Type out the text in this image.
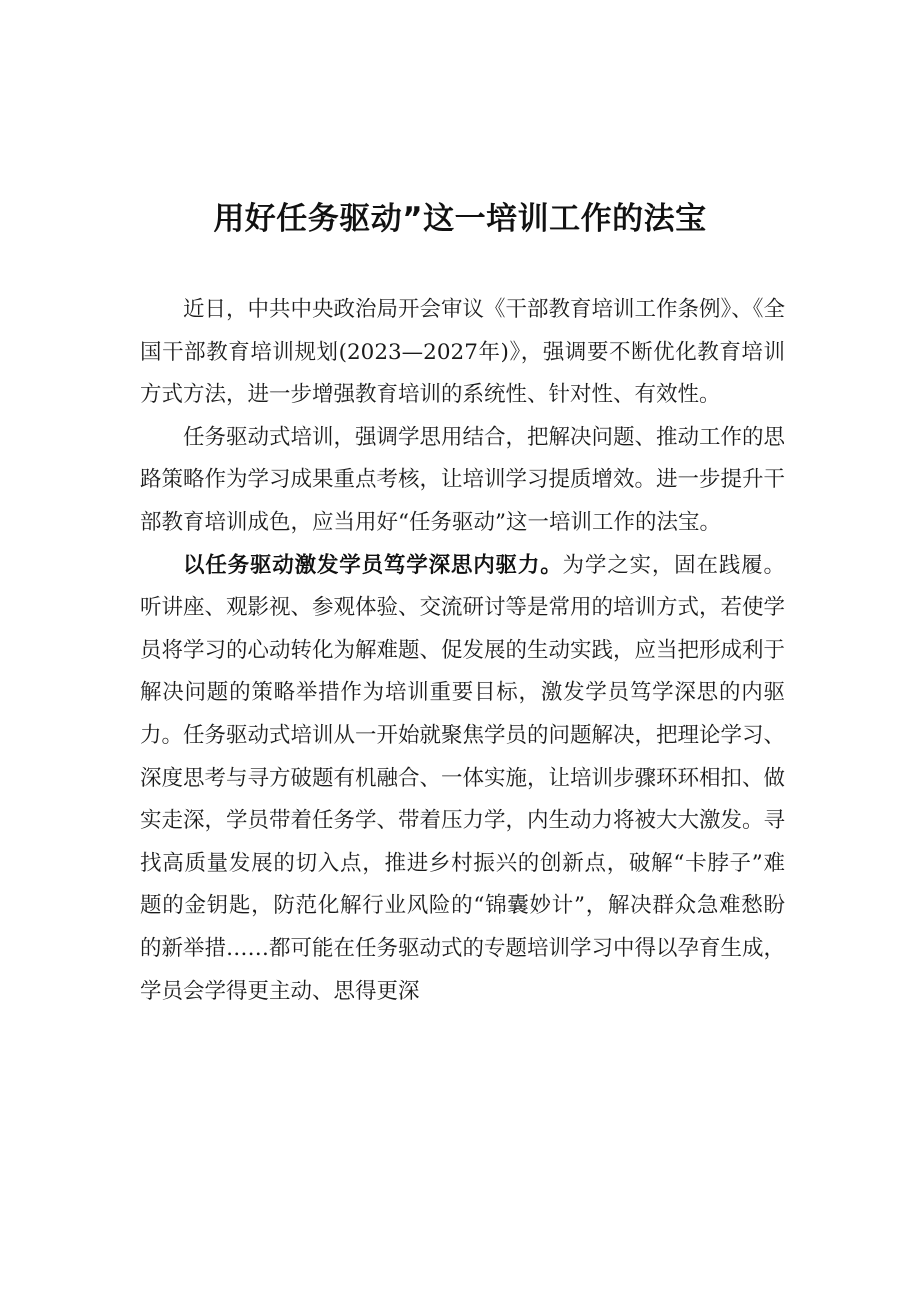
用好任务驱动”这一培训工作的法宝

近日，中共中央政治局开会审议《干部教育培训工作条例》、《全国干部教育培训规划(2023—2027年)》，强调要不断优化教育培训方式方法，进一步增强教育培训的系统性、针对性、有效性。

任务驱动式培训，强调学思用结合，把解决问题、推动工作的思路策略作为学习成果重点考核，让培训学习提质增效。进一步提升干部教育培训成色，应当用好“任务驱动”这一培训工作的法宝。

以任务驱动激发学员笃学深思内驱力。为学之实，固在践履。听讲座、观影视、参观体验、交流研讨等是常用的培训方式，若使学员将学习的心动转化为解难题、促发展的生动实践，应当把形成利于解决问题的策略举措作为培训重要目标，激发学员笃学深思的内驱力。任务驱动式培训从一开始就聚焦学员的问题解决，把理论学习、深度思考与寻方破题有机融合、一体实施，让培训步骤环环相扣、做实走深，学员带着任务学、带着压力学，内生动力将被大大激发。寻找高质量发展的切入点，推进乡村振兴的创新点，破解“卡脖子”难题的金钥匙，防范化解行业风险的“锦囊妙计”，解决群众急难愁盼的新举措……都可能在任务驱动式的专题培训学习中得以孕育生成，学员会学得更主动、思得更深
